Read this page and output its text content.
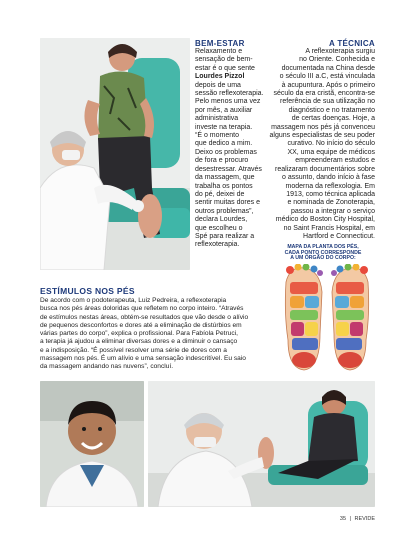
BEM-ESTAR
Relaxamento e
sensação de bem-
estar é o que sente
Lourdes Pizzol
depois de uma
sessão reflexoterapia.
Pelo menos uma vez
por mês, a auxiliar
administrativa
investe na terapia.
“É o momento
que dedico a mim.
Deixo os problemas
de fora e procuro
desestressar. Através
da massagem, que
trabalha os pontos
do pé, deixei de
sentir muitas dores e
outros problemas”,
declara Lourdes,
que escolheu o
Spé para realizar a
reflexoterapia.
A TÉCNICA
A reflexoterapia surgiu
no Oriente. Conhecida e
documentada na China desde
o século III a.C, está vinculada
à acupuntura. Após o primeiro
século da era cristã, encontra-se
referência de sua utilização no
diagnóstico e no tratamento
de certas doenças. Hoje, a
massagem nos pés já convenceu
alguns especialistas de seu poder
curativo. No início do século
XX, uma equipe de médicos
empreenderam estudos e
realizaram documentários sobre
o assunto, dando início à fase
moderna da reflexologia. Em
1913, como técnica aplicada
e nominada de Zonoterapia,
passou a integrar o serviço
médico do Boston City Hospital,
no Saint Francis Hospital, em
Hartford e Connecticut.
MAPA DA PLANTA DOS PÉS,
CADA PONTO CORRESPONDE
A UM ÓRGÃO DO CORPO:
ESTÍMULOS NOS PÉS
De acordo com o podoterapeuta, Luiz Pedreira, a reflexoterapia
busca nos pés áreas doloridas que refletem no corpo inteiro. “Através
de estímulos nestas áreas, obtém-se resultados que vão desde o alívio
de pequenos desconfortos e dores até a eliminação de distúrbios em
várias partes do corpo”, explica o profissional. Para Fabíola Petruci,
a terapia já ajudou a eliminar diversas dores e a diminuir o cansaço
e a indisposição. “É possível resolver uma série de dores com a
massagem nos pés. É um alívio e uma sensação indescritível. Eu saio
da massagem andando nas nuvens”, concluí.
35 | REVIDE
